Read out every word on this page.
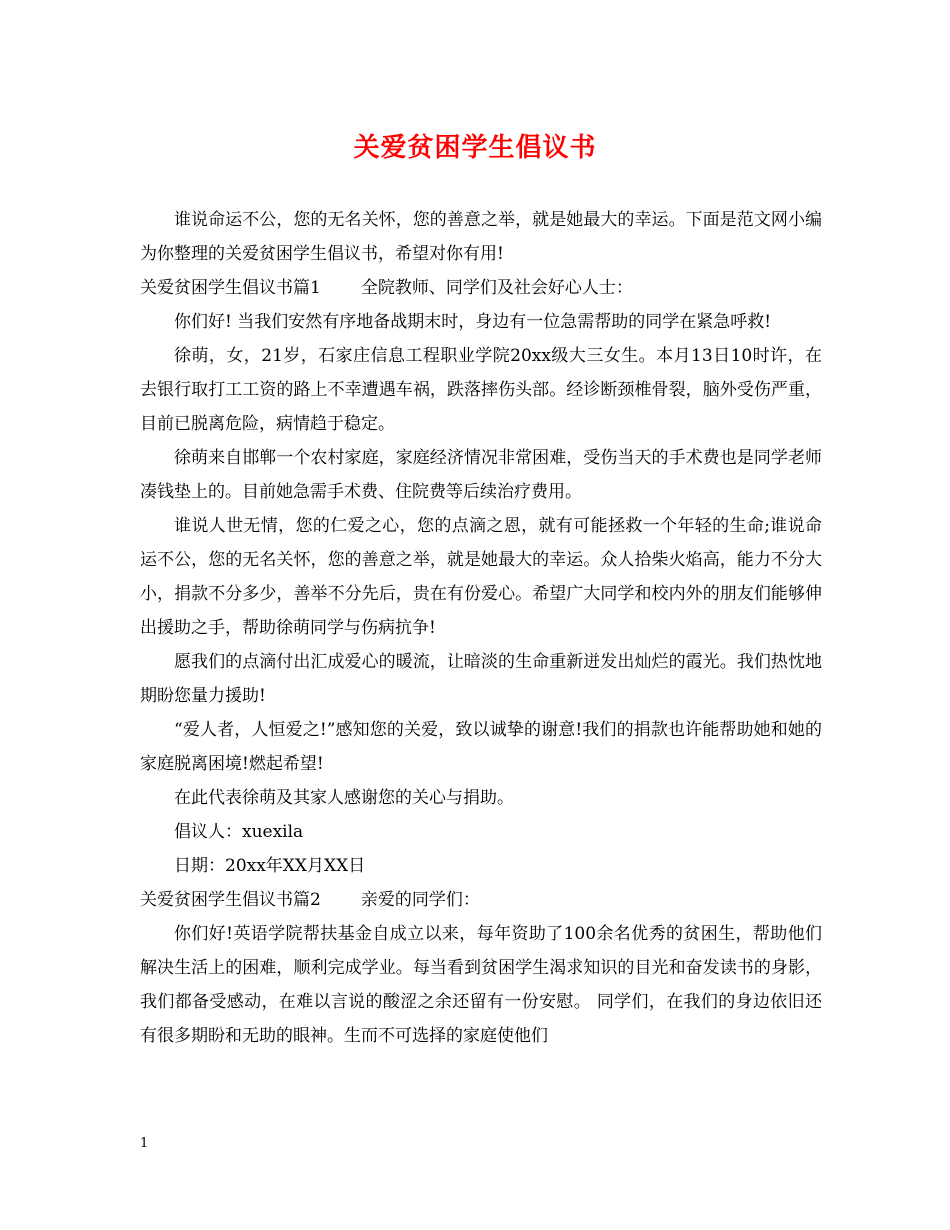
关爱贫困学生倡议书

谁说命运不公，您的无名关怀，您的善意之举，就是她最大的幸运。下面是范文网小编为你整理的关爱贫困学生倡议书，希望对你有用!

关爱贫困学生倡议书篇1 全院教师、同学们及社会好心人士：

你们好! 当我们安然有序地备战期末时，身边有一位急需帮助的同学在紧急呼救!

徐萌，女，21岁，石家庄信息工程职业学院20xx级大三女生。本月13日10时许，在去银行取打工工资的路上不幸遭遇车祸，跌落摔伤头部。经诊断颈椎骨裂，脑外受伤严重，目前已脱离危险，病情趋于稳定。

徐萌来自邯郸一个农村家庭，家庭经济情况非常困难，受伤当天的手术费也是同学老师凑钱垫上的。目前她急需手术费、住院费等后续治疗费用。

谁说人世无情，您的仁爱之心，您的点滴之恩，就有可能拯救一个年轻的生命;谁说命运不公，您的无名关怀，您的善意之举，就是她最大的幸运。众人拾柴火焰高，能力不分大小，捐款不分多少，善举不分先后，贵在有份爱心。希望广大同学和校内外的朋友们能够伸出援助之手，帮助徐萌同学与伤病抗争!

愿我们的点滴付出汇成爱心的暖流，让暗淡的生命重新迸发出灿烂的霞光。我们热忱地期盼您量力援助!

“爱人者，人恒爱之!”感知您的关爱，致以诚挚的谢意!我们的捐款也许能帮助她和她的家庭脱离困境!燃起希望!

在此代表徐萌及其家人感谢您的关心与捐助。

倡议人：xuexila

日期：20xx年XX月XX日

关爱贫困学生倡议书篇2 亲爱的同学们：

你们好!英语学院帮扶基金自成立以来，每年资助了100余名优秀的贫困生，帮助他们解决生活上的困难，顺利完成学业。每当看到贫困学生渴求知识的目光和奋发读书的身影，我们都备受感动，在难以言说的酸涩之余还留有一份安慰。 同学们，在我们的身边依旧还有很多期盼和无助的眼神。生而不可选择的家庭使他们

1
